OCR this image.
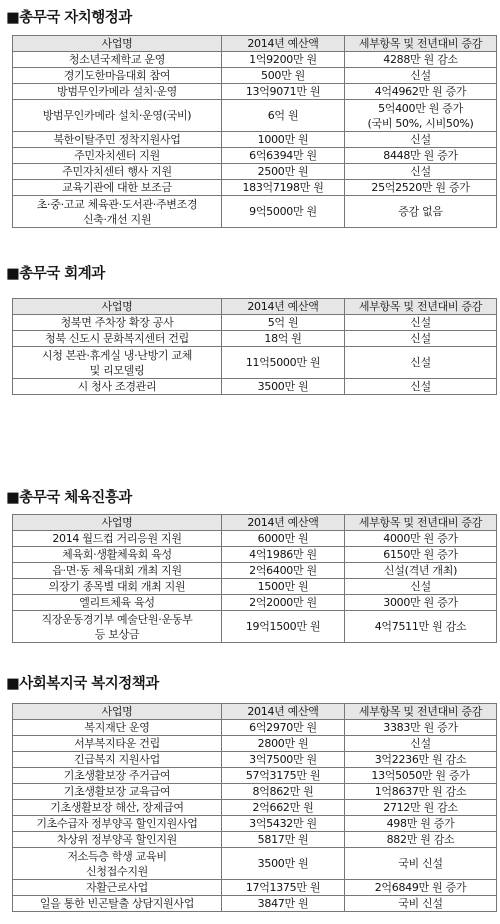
■총무국 자치행정과
사업명	2014년 예산액	세부항목 및 전년대비 증감
청소년국제학교 운영	1억9200만 원	4288만 원 감소
경기도한마음대회 참여	500만 원	신설
방범무인카메라 설치·운영	13억9071만 원	4억4962만 원 증가
방범무인카메라 설치·운영(국비)	6억 원	5억400만 원 증가
(국비 50%, 시비50%)
북한이탈주민 정착지원사업	1000만 원	신설
주민자치센터 지원	6억6394만 원	8448만 원 증가
주민자치센터 행사 지원	2500만 원	신설
교육기관에 대한 보조금	183억7198만 원	25억2520만 원 증가
초·중·고교 체육관·도서관·주변조경
신축·개선 지원	9억5000만 원	증감 없음
■총무국 회계과
사업명	2014년 예산액	세부항목 및 전년대비 증감
청북면 주차장 확장 공사	5억 원	신설
청북 신도시 문화복지센터 건립	18억 원	신설
시청 본관·휴게실 냉·난방기 교체
및 리모델링	11억5000만 원	신설
시 청사 조경관리	3500만 원	신설
■총무국 체육진흥과
사업명	2014년 예산액	세부항목 및 전년대비 증감
2014 월드컵 거리응원 지원	6000만 원	4000만 원 증가
체육회·생활체육회 육성	4억1986만 원	6150만 원 증가
읍·면·동 체육대회 개최 지원	2억6400만 원	신설(격년 개최)
의장기 종목별 대회 개최 지원	1500만 원	신설
엘리트체육 육성	2억2000만 원	3000만 원 증가
직장운동경기부 예술단원·운동부
등 보상금	19억1500만 원	4억7511만 원 감소
■사회복지국 복지정책과
사업명	2014년 예산액	세부항목 및 전년대비 증감
복지재단 운영	6억2970만 원	3383만 원 증가
서부복지타운 건립	2800만 원	신설
긴급복지 지원사업	3억7500만 원	3억2236만 원 감소
기초생활보장 주거급여	57억3175만 원	13억5050만 원 증가
기초생활보장 교육급여	8억862만 원	1억8637만 원 감소
기초생활보장 해산, 장제급여	2억662만 원	2712만 원 감소
기초수급자 정부양곡 할인지원사업	3억5432만 원	498만 원 증가
차상위 정부양곡 할인지원	5817만 원	882만 원 감소
저소득층 학생 교육비
신청접수지원	3500만 원	국비 신설
자활근로사업	17억1375만 원	2억6849만 원 증가
일을 통한 빈곤탈출 상담지원사업	3847만 원	국비 신설
